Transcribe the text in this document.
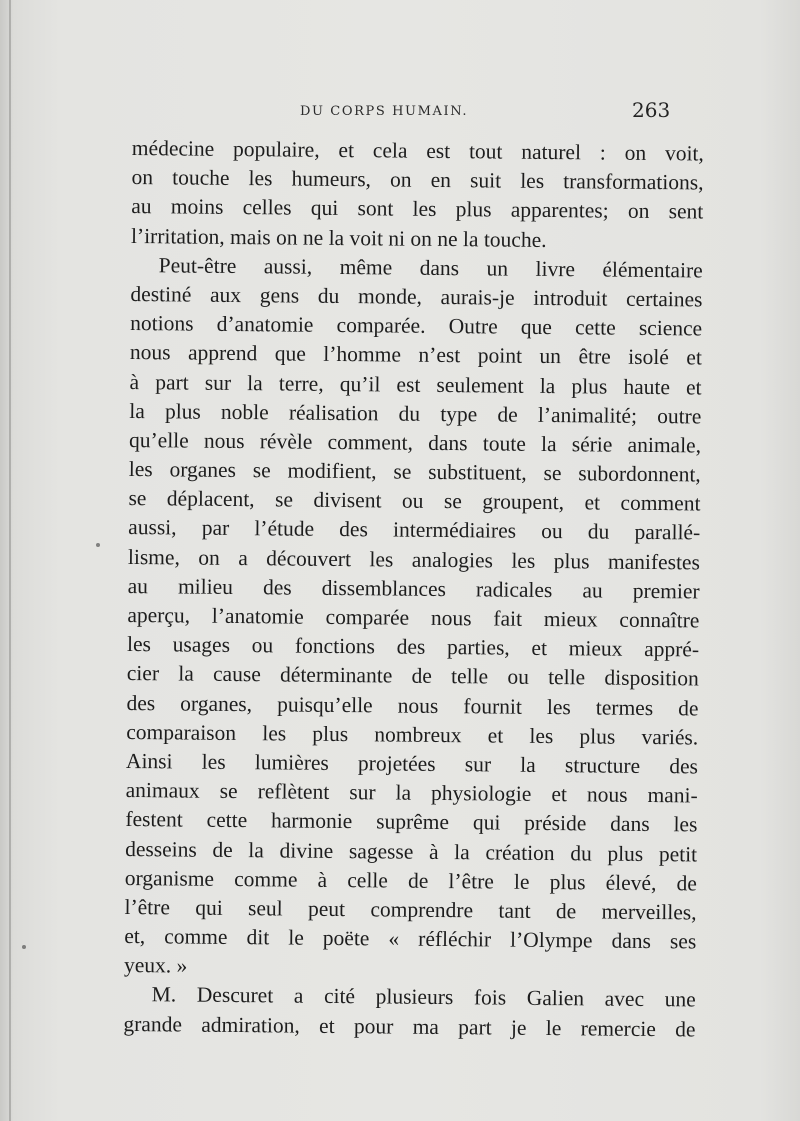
DU CORPS HUMAIN.	263
médecine populaire, et cela est tout naturel : on voit,
on touche les humeurs, on en suit les transformations,
au moins celles qui sont les plus apparentes; on sent
l’irritation, mais on ne la voit ni on ne la touche.
Peut-être aussi, même dans un livre élémentaire
destiné aux gens du monde, aurais-je introduit certaines
notions d’anatomie comparée. Outre que cette science
nous apprend que l’homme n’est point un être isolé et
à part sur la terre, qu’il est seulement la plus haute et
la plus noble réalisation du type de l’animalité; outre
qu’elle nous révèle comment, dans toute la série animale,
les organes se modifient, se substituent, se subordonnent,
se déplacent, se divisent ou se groupent, et comment
aussi, par l’étude des intermédiaires ou du parallé-
lisme, on a découvert les analogies les plus manifestes
au milieu des dissemblances radicales au premier
aperçu, l’anatomie comparée nous fait mieux connaître
les usages ou fonctions des parties, et mieux appré-
cier la cause déterminante de telle ou telle disposition
des organes, puisqu’elle nous fournit les termes de
comparaison les plus nombreux et les plus variés.
Ainsi les lumières projetées sur la structure des
animaux se reflètent sur la physiologie et nous mani-
festent cette harmonie suprême qui préside dans les
desseins de la divine sagesse à la création du plus petit
organisme comme à celle de l’être le plus élevé, de
l’être qui seul peut comprendre tant de merveilles,
et, comme dit le poëte « réfléchir l’Olympe dans ses
yeux. »
M. Descuret a cité plusieurs fois Galien avec une
grande admiration, et pour ma part je le remercie de
